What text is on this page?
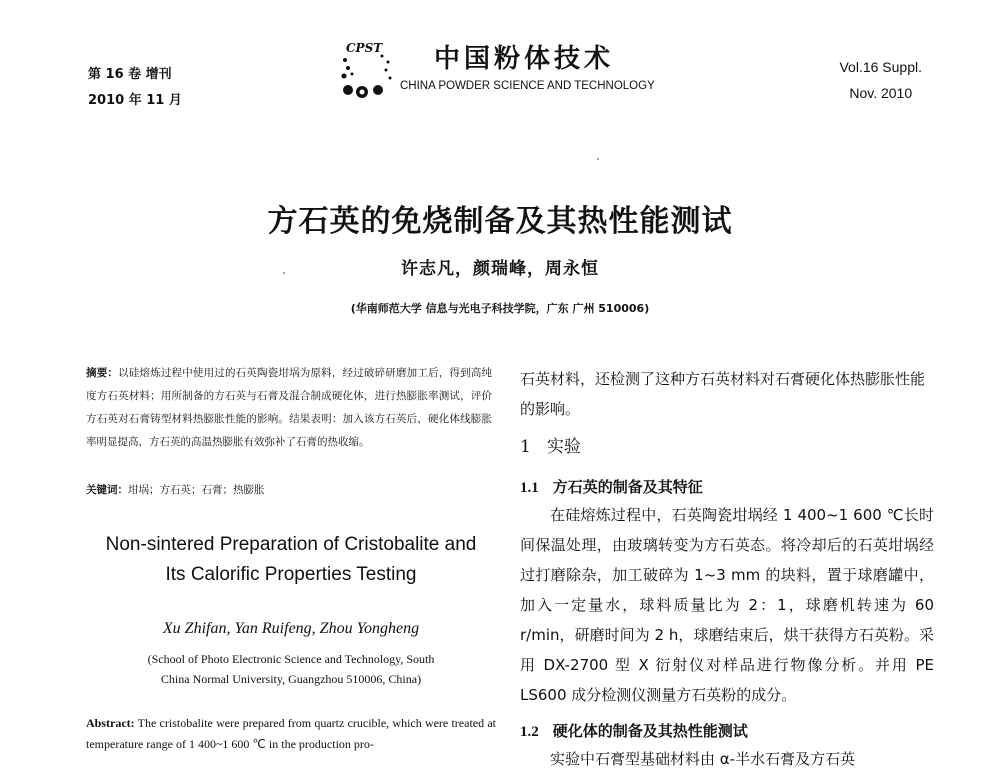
第 16 卷 增刊
2010 年 11 月
CPST 中国粉体技术
CHINA POWDER SCIENCE AND TECHNOLOGY
Vol.16 Suppl.
Nov. 2010
方石英的免烧制备及其热性能测试
许志凡，颜瑞峰，周永恒
(华南师范大学 信息与光电子科技学院，广东 广州 510006)
摘要：以硅熔炼过程中使用过的石英陶瓷坩埚为原料，经过破碎研磨加工后，得到高纯度方石英材料；用所制备的方石英与石膏及混合制成硬化体，进行热膨胀率测试，评价方石英对石膏铸型材料热膨胀性能的影响。结果表明：加入该方石英后，硬化体线膨胀率明显提高，方石英的高温热膨胀有效弥补了石膏的热收缩。
关键词：坩埚；方石英；石膏；热膨胀
Non-sintered Preparation of Cristobalite and
Its Calorific Properties Testing
Xu Zhifan, Yan Ruifeng, Zhou Yongheng
(School of Photo Electronic Science and Technology, South
China Normal University, Guangzhou 510006, China)
Abstract: The cristobalite were prepared from quartz crucible, which were treated at temperature range of 1 400~1 600 ℃ in the production pro-
石英材料，还检测了这种方石英材料对石膏硬化体热膨胀性能的影响。
1 实验
1.1 方石英的制备及其特征

在硅熔炼过程中，石英陶瓷坩埚经 1 400~1 600 ℃长时间保温处理，由玻璃转变为方石英态。将冷却后的石英坩埚经过打磨除杂，加工破碎为 1~3 mm 的块料，置于球磨罐中，加入一定量水，球料质量比为 2：1，球磨机转速为 60 r/min，研磨时间为 2 h，球磨结束后，烘干获得方石英粉。采用 DX-2700 型 X 衍射仪对样品进行物像分析。并用 PE LS600 成分检测仪测量方石英粉的成分。

1.2 硬化体的制备及其热性能测试

实验中石膏型基础材料由 α-半水石膏及方石英
